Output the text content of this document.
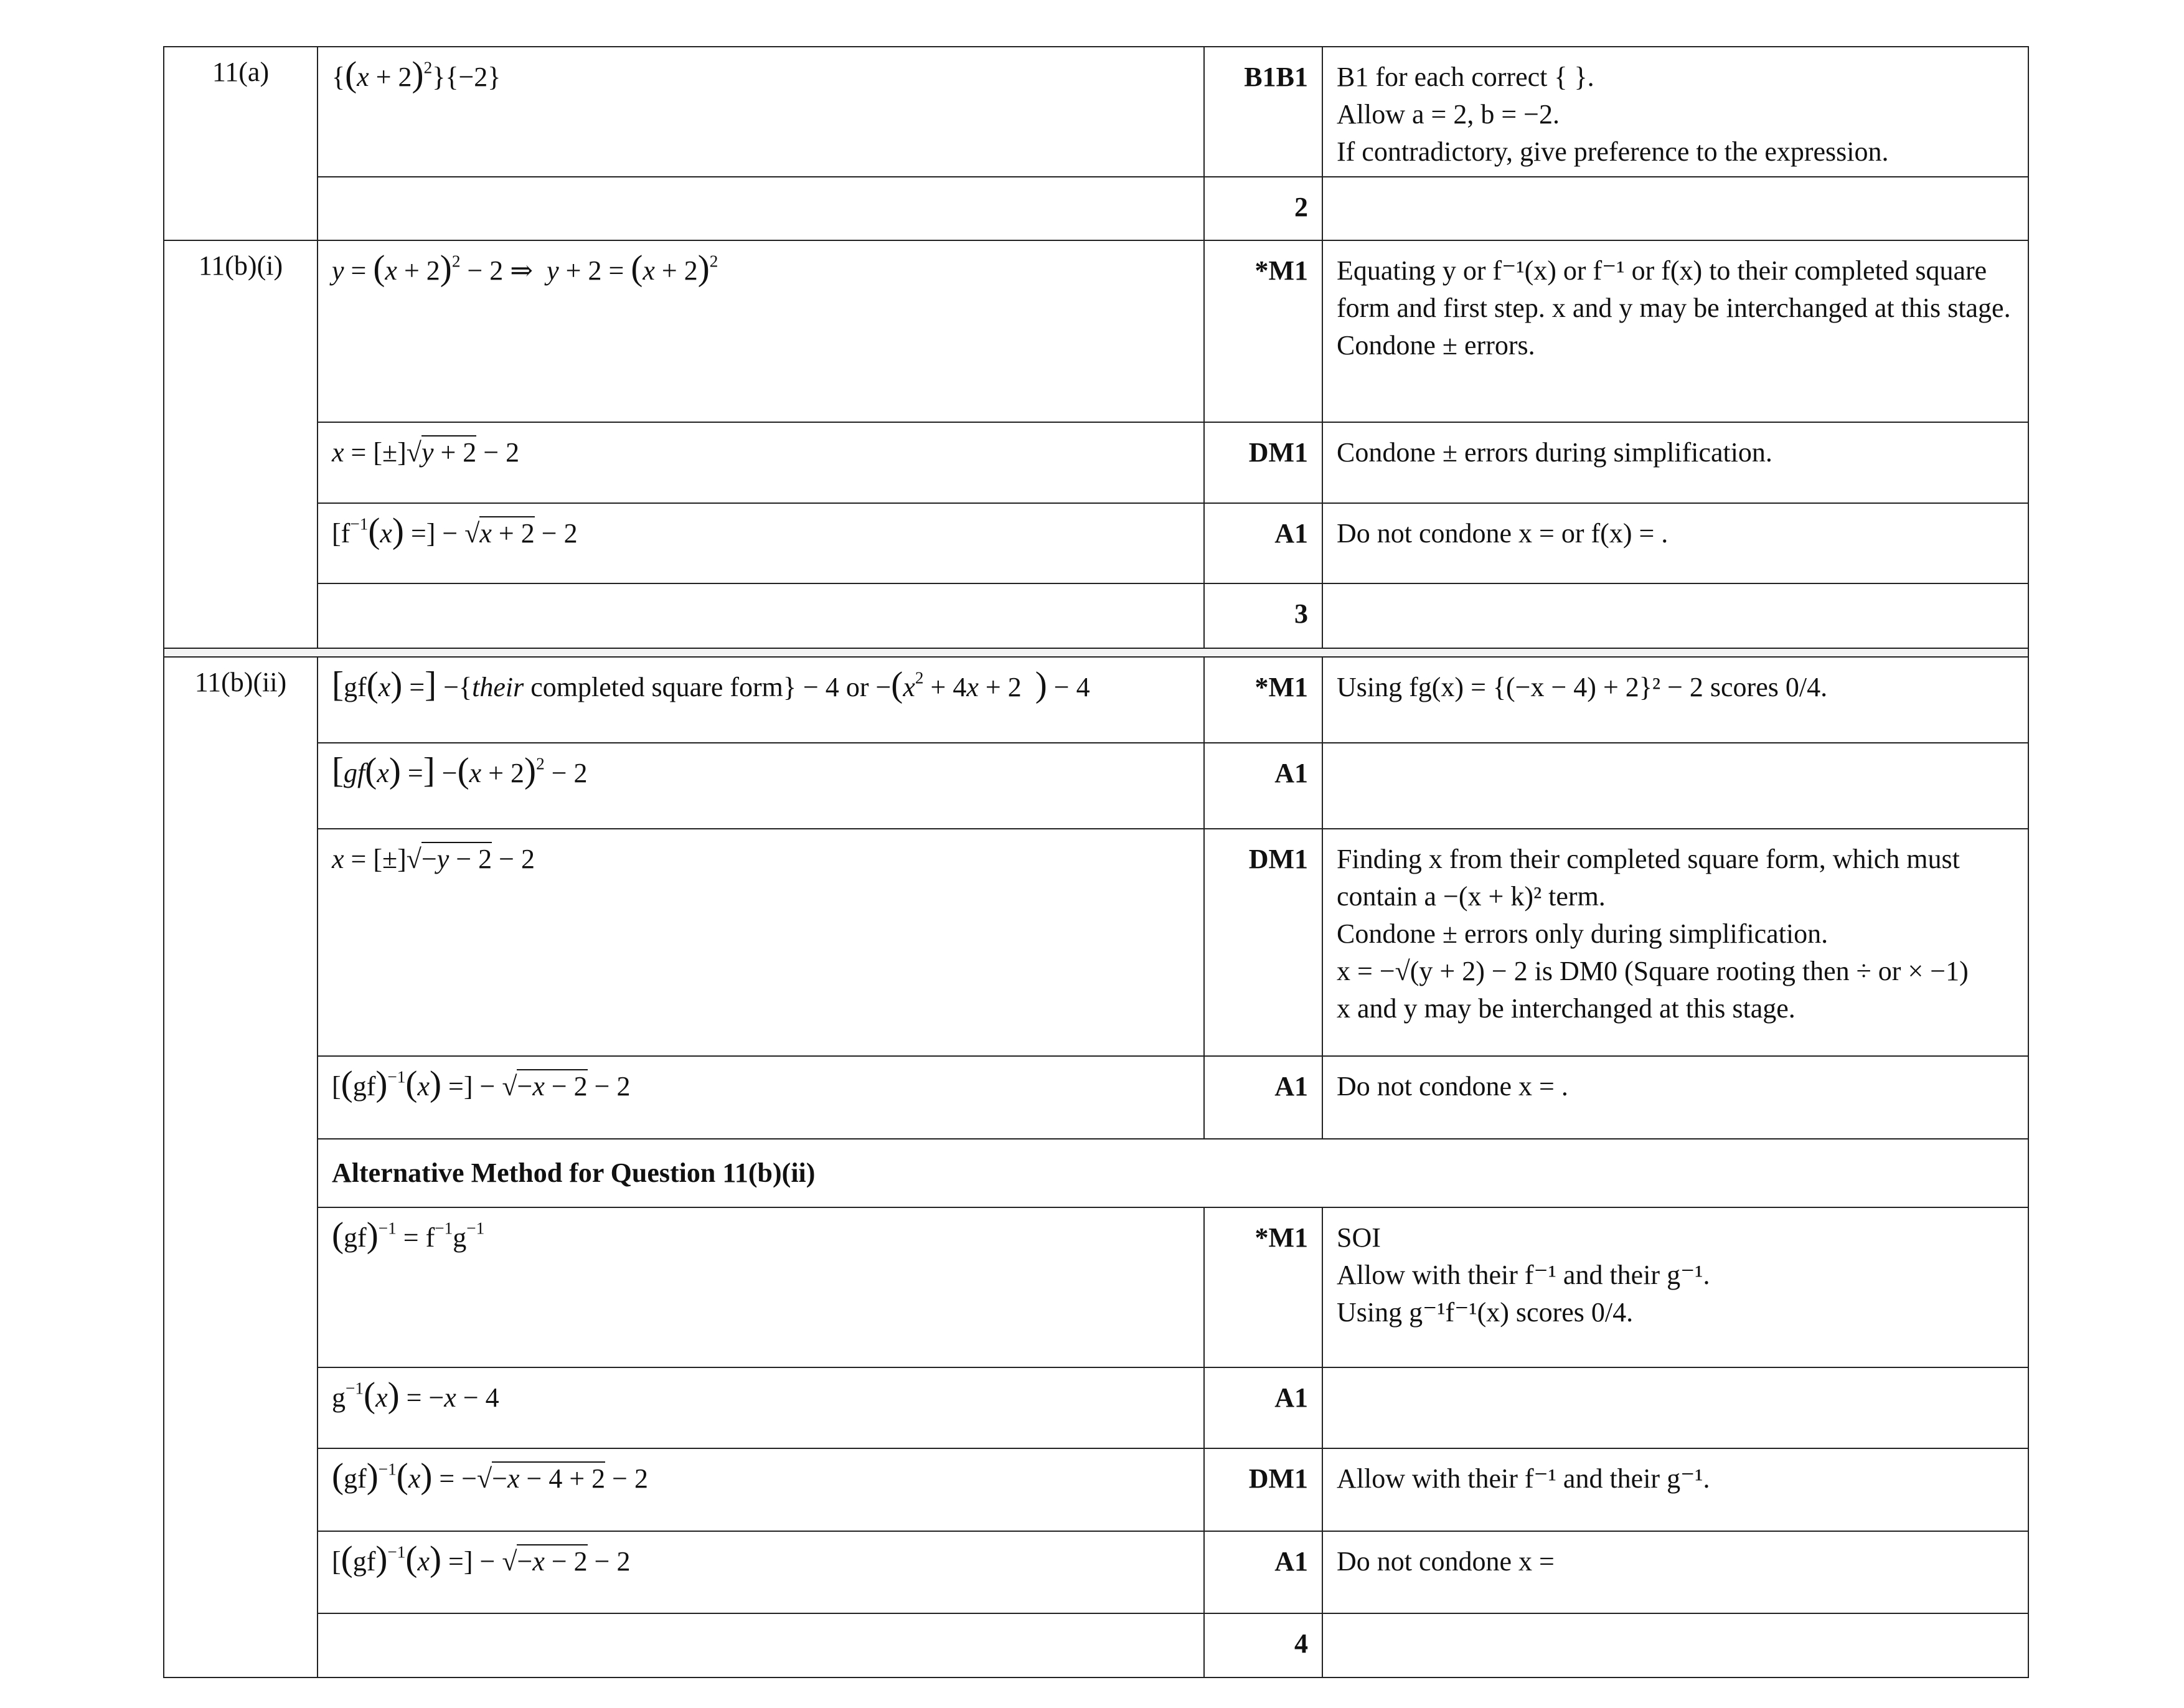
11(a)	$\{(x + 2)^2\}\{-2\}$	B1B1	B1 for each correct { }.
Allow a = 2, b = −2.
If contradictory, give preference to the expression.

		2	
11(b)(i)	$y = (x + 2)^2 - 2$ ⇒  $y + 2 = (x + 2)^2$	*M1	Equating y or f⁻¹(x) or f⁻¹ or f(x) to their completed square form and first step. x and y may be interchanged at this stage.
Condone ± errors.

	x = [±]√y + 2 − 2	DM1	Condone ± errors during simplification.
	[$f^{-1}(x)$ =] − √x + 2 − 2	A1	Do not condone x = or f(x) = .
		3	

11(b)(ii)	[gf(x) =] −{their completed square form} − 4 or $-(x^2 + 4x + 2$  ) − 4	*M1	Using fg(x) = {(−x − 4) + 2}² − 2 scores 0/4.
	[gf(x) =] $-(x + 2)^2 - 2$	A1	
	x = [±]√−y − 2 − 2	DM1	Finding x from their completed square form, which must contain a −(x + k)² term.
Condone ± errors only during simplification.
x = −√(y + 2) − 2 is DM0 (Square rooting then ÷ or × −1)
x and y may be interchanged at this stage.

	[(gf)$^{-1}$(x) =] − √−x − 2 − 2	A1	Do not condone x = .
	Alternative Method for Question 11(b)(ii)		
	$(gf)^{-1} = f^{-1}g^{-1}$	*M1	SOI
Allow with their f⁻¹ and their g⁻¹.
Using g⁻¹f⁻¹(x) scores 0/4.

	$g^{-1}(x) = -x - 4$	A1	
	(gf)$^{-1}$(x) = −√−x − 4 + 2 − 2	DM1	Allow with their f⁻¹ and their g⁻¹.
	[(gf)$^{-1}$(x) =] − √−x − 2 − 2	A1	Do not condone x =
		4	
